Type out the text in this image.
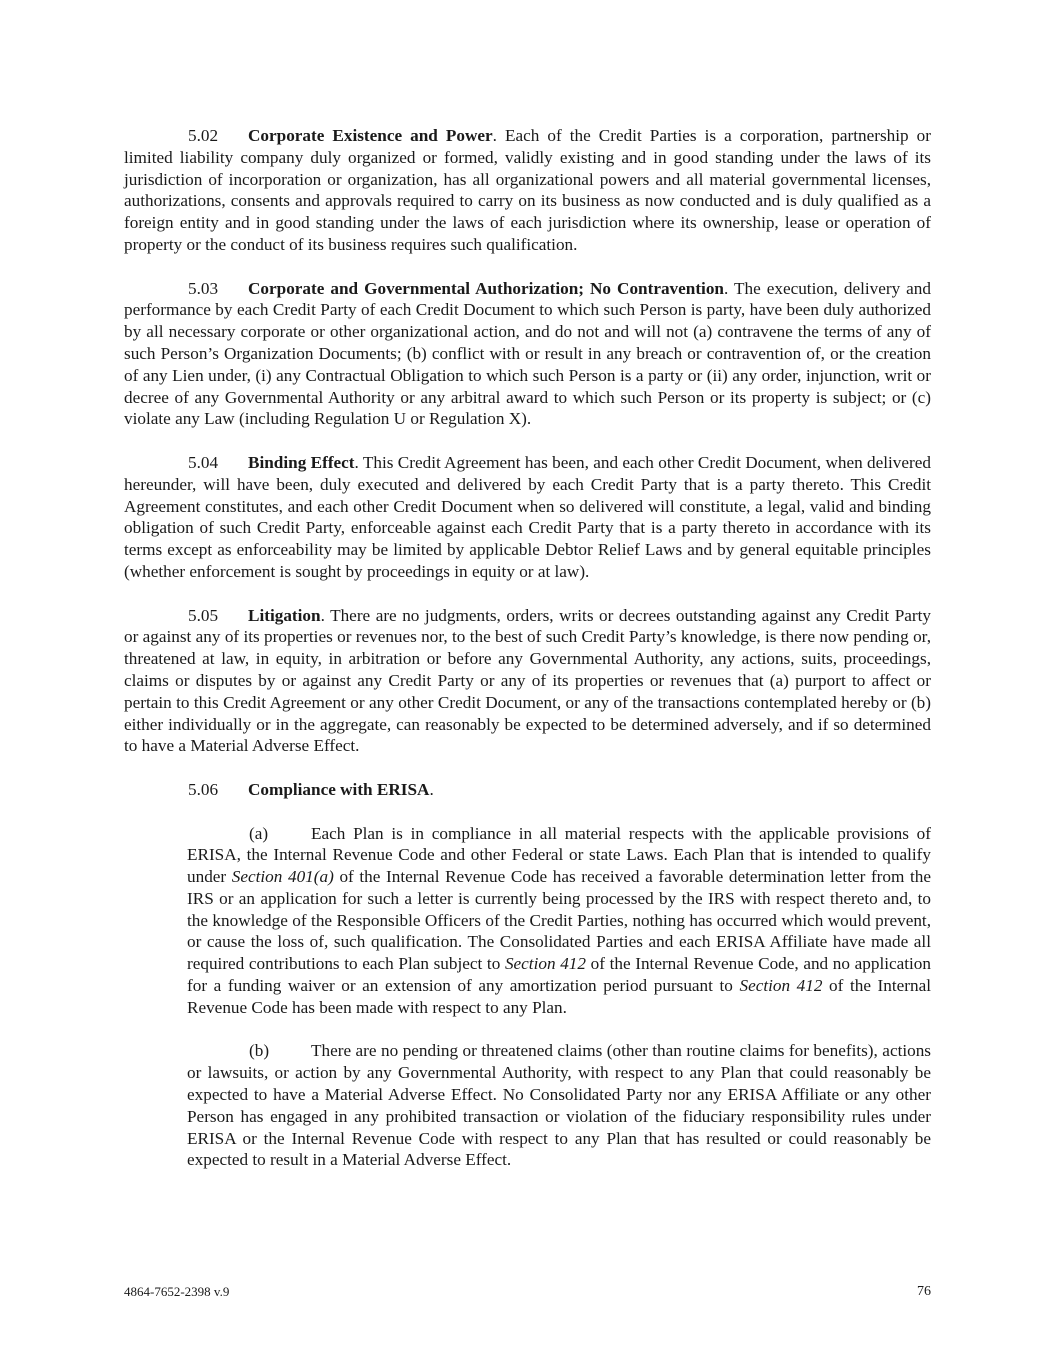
5.02 Corporate Existence and Power. Each of the Credit Parties is a corporation, partnership or limited liability company duly organized or formed, validly existing and in good standing under the laws of its jurisdiction of incorporation or organization, has all organizational powers and all material governmental licenses, authorizations, consents and approvals required to carry on its business as now conducted and is duly qualified as a foreign entity and in good standing under the laws of each jurisdiction where its ownership, lease or operation of property or the conduct of its business requires such qualification.

5.03 Corporate and Governmental Authorization; No Contravention. The execution, delivery and performance by each Credit Party of each Credit Document to which such Person is party, have been duly authorized by all necessary corporate or other organizational action, and do not and will not (a) contravene the terms of any of such Person’s Organization Documents; (b) conflict with or result in any breach or contravention of, or the creation of any Lien under, (i) any Contractual Obligation to which such Person is a party or (ii) any order, injunction, writ or decree of any Governmental Authority or any arbitral award to which such Person or its property is subject; or (c) violate any Law (including Regulation U or Regulation X).

5.04 Binding Effect. This Credit Agreement has been, and each other Credit Document, when delivered hereunder, will have been, duly executed and delivered by each Credit Party that is a party thereto. This Credit Agreement constitutes, and each other Credit Document when so delivered will constitute, a legal, valid and binding obligation of such Credit Party, enforceable against each Credit Party that is a party thereto in accordance with its terms except as enforceability may be limited by applicable Debtor Relief Laws and by general equitable principles (whether enforcement is sought by proceedings in equity or at law).

5.05 Litigation. There are no judgments, orders, writs or decrees outstanding against any Credit Party or against any of its properties or revenues nor, to the best of such Credit Party’s knowledge, is there now pending or, threatened at law, in equity, in arbitration or before any Governmental Authority, any actions, suits, proceedings, claims or disputes by or against any Credit Party or any of its properties or revenues that (a) purport to affect or pertain to this Credit Agreement or any other Credit Document, or any of the transactions contemplated hereby or (b) either individually or in the aggregate, can reasonably be expected to be determined adversely, and if so determined to have a Material Adverse Effect.

5.06 Compliance with ERISA.

(a) Each Plan is in compliance in all material respects with the applicable provisions of ERISA, the Internal Revenue Code and other Federal or state Laws. Each Plan that is intended to qualify under Section 401(a) of the Internal Revenue Code has received a favorable determination letter from the IRS or an application for such a letter is currently being processed by the IRS with respect thereto and, to the knowledge of the Responsible Officers of the Credit Parties, nothing has occurred which would prevent, or cause the loss of, such qualification. The Consolidated Parties and each ERISA Affiliate have made all required contributions to each Plan subject to Section 412 of the Internal Revenue Code, and no application for a funding waiver or an extension of any amortization period pursuant to Section 412 of the Internal Revenue Code has been made with respect to any Plan.

(b) There are no pending or threatened claims (other than routine claims for benefits), actions or lawsuits, or action by any Governmental Authority, with respect to any Plan that could reasonably be expected to have a Material Adverse Effect. No Consolidated Party nor any ERISA Affiliate or any other Person has engaged in any prohibited transaction or violation of the fiduciary responsibility rules under ERISA or the Internal Revenue Code with respect to any Plan that has resulted or could reasonably be expected to result in a Material Adverse Effect.

4864-7652-2398 v.9	76
